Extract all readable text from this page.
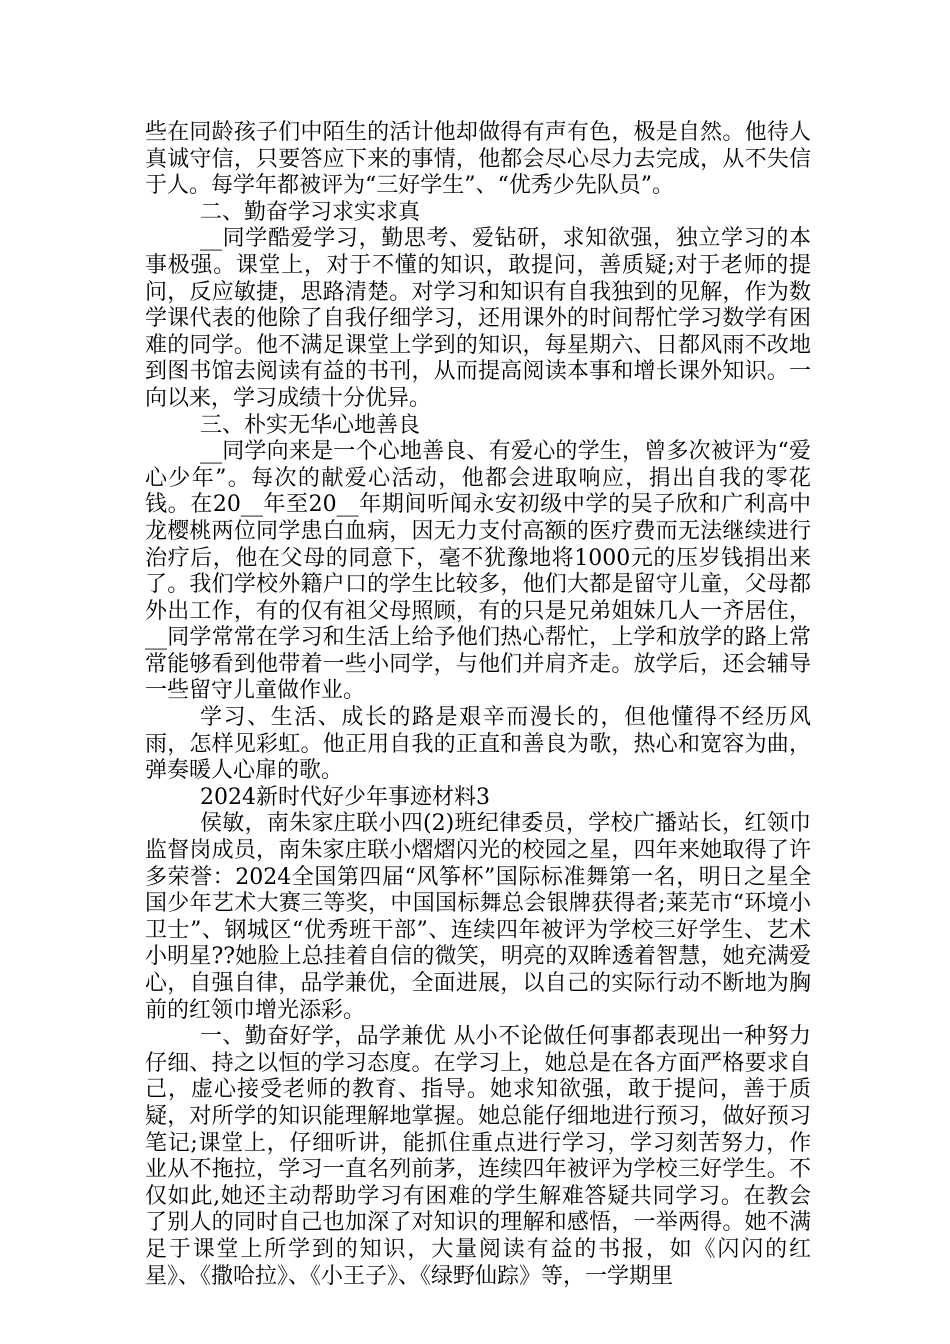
些在同龄孩子们中陌生的活计他却做得有声有色，极是自然。他待人真诚守信，只要答应下来的事情，他都会尽心尽力去完成，从不失信于人。每学年都被评为“三好学生”、“优秀少先队员”。

二、勤奋学习求实求真

__同学酷爱学习，勤思考、爱钻研，求知欲强，独立学习的本事极强。课堂上，对于不懂的知识，敢提问，善质疑;对于老师的提问，反应敏捷，思路清楚。对学习和知识有自我独到的见解，作为数学课代表的他除了自我仔细学习，还用课外的时间帮忙学习数学有困难的同学。他不满足课堂上学到的知识，每星期六、日都风雨不改地到图书馆去阅读有益的书刊，从而提高阅读本事和增长课外知识。一向以来，学习成绩十分优异。

三、朴实无华心地善良

__同学向来是一个心地善良、有爱心的学生，曾多次被评为“爱心少年”。每次的献爱心活动，他都会进取响应，捐出自我的零花钱。在20__年至20__年期间听闻永安初级中学的吴子欣和广利高中龙樱桃两位同学患白血病，因无力支付高额的医疗费而无法继续进行治疗后，他在父母的同意下，毫不犹豫地将1000元的压岁钱捐出来了。我们学校外籍户口的学生比较多，他们大都是留守儿童，父母都外出工作，有的仅有祖父母照顾，有的只是兄弟姐妹几人一齐居住，__同学常常在学习和生活上给予他们热心帮忙，上学和放学的路上常常能够看到他带着一些小同学，与他们并肩齐走。放学后，还会辅导一些留守儿童做作业。

学习、生活、成长的路是艰辛而漫长的，但他懂得不经历风雨，怎样见彩虹。他正用自我的正直和善良为歌，热心和宽容为曲，弹奏暖人心扉的歌。

2024新时代好少年事迹材料3

侯敏，南朱家庄联小四(2)班纪律委员，学校广播站长，红领巾监督岗成员，南朱家庄联小熠熠闪光的校园之星，四年来她取得了许多荣誉：2024全国第四届“风筝杯”国际标准舞第一名，明日之星全国少年艺术大赛三等奖，中国国标舞总会银牌获得者;莱芜市“环境小卫士”、钢城区“优秀班干部”、连续四年被评为学校三好学生、艺术小明星??她脸上总挂着自信的微笑，明亮的双眸透着智慧，她充满爱心，自强自律，品学兼优，全面进展，以自己的实际行动不断地为胸前的红领巾增光添彩。

一、勤奋好学，品学兼优 从小不论做任何事都表现出一种努力仔细、持之以恒的学习态度。在学习上，她总是在各方面严格要求自己，虚心接受老师的教育、指导。她求知欲强，敢于提问，善于质疑，对所学的知识能理解地掌握。她总能仔细地进行预习，做好预习笔记;课堂上，仔细听讲，能抓住重点进行学习，学习刻苦努力，作业从不拖拉，学习一直名列前茅，连续四年被评为学校三好学生。不仅如此,她还主动帮助学习有困难的学生解难答疑共同学习。在教会了别人的同时自己也加深了对知识的理解和感悟，一举两得。她不满足于课堂上所学到的知识，大量阅读有益的书报，如《闪闪的红星》、《撒哈拉》、《小王子》、《绿野仙踪》等，一学期里
